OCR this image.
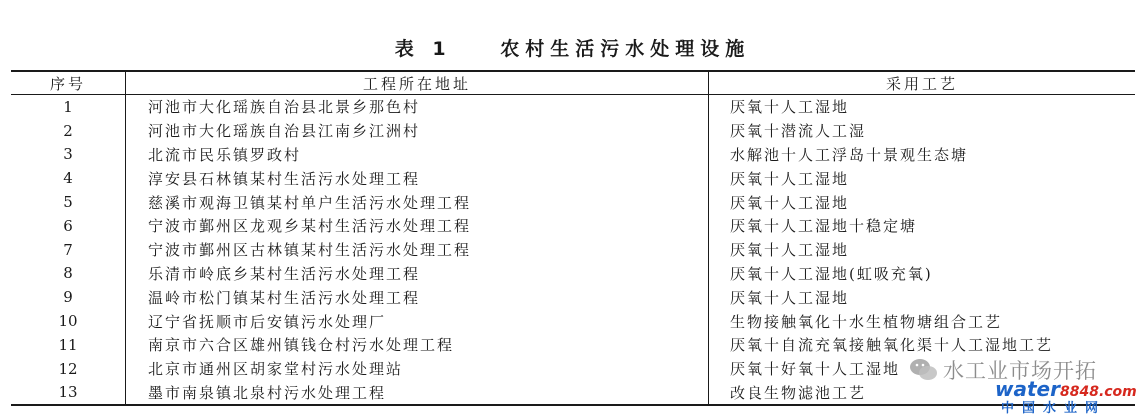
表 1	农村生活污水处理设施
序号	工程所在地址	采用工艺
1	河池市大化瑶族自治县北景乡那色村	厌氧十人工湿地
2	河池市大化瑶族自治县江南乡江洲村	厌氧十潜流人工湿
3	北流市民乐镇罗政村	水解池十人工浮岛十景观生态塘
4	淳安县石林镇某村生活污水处理工程	厌氧十人工湿地
5	慈溪市观海卫镇某村单户生活污水处理工程	厌氧十人工湿地
6	宁波市鄞州区龙观乡某村生活污水处理工程	厌氧十人工湿地十稳定塘
7	宁波市鄞州区古林镇某村生活污水处理工程	厌氧十人工湿地
8	乐清市岭底乡某村生活污水处理工程	厌氧十人工湿地(虹吸充氧)
9	温岭市松门镇某村生活污水处理工程	厌氧十人工湿地
10	辽宁省抚顺市后安镇污水处理厂	生物接触氧化十水生植物塘组合工艺
11	南京市六合区雄州镇钱仓村污水处理工程	厌氧十自流充氧接触氧化渠十人工湿地工艺
12	北京市通州区胡家堂村污水处理站	厌氧十好氧十人工湿地
13	墨市南泉镇北泉村污水处理工程	改良生物滤池工艺
水工业市场开拓
water8848.com
中国水业网
